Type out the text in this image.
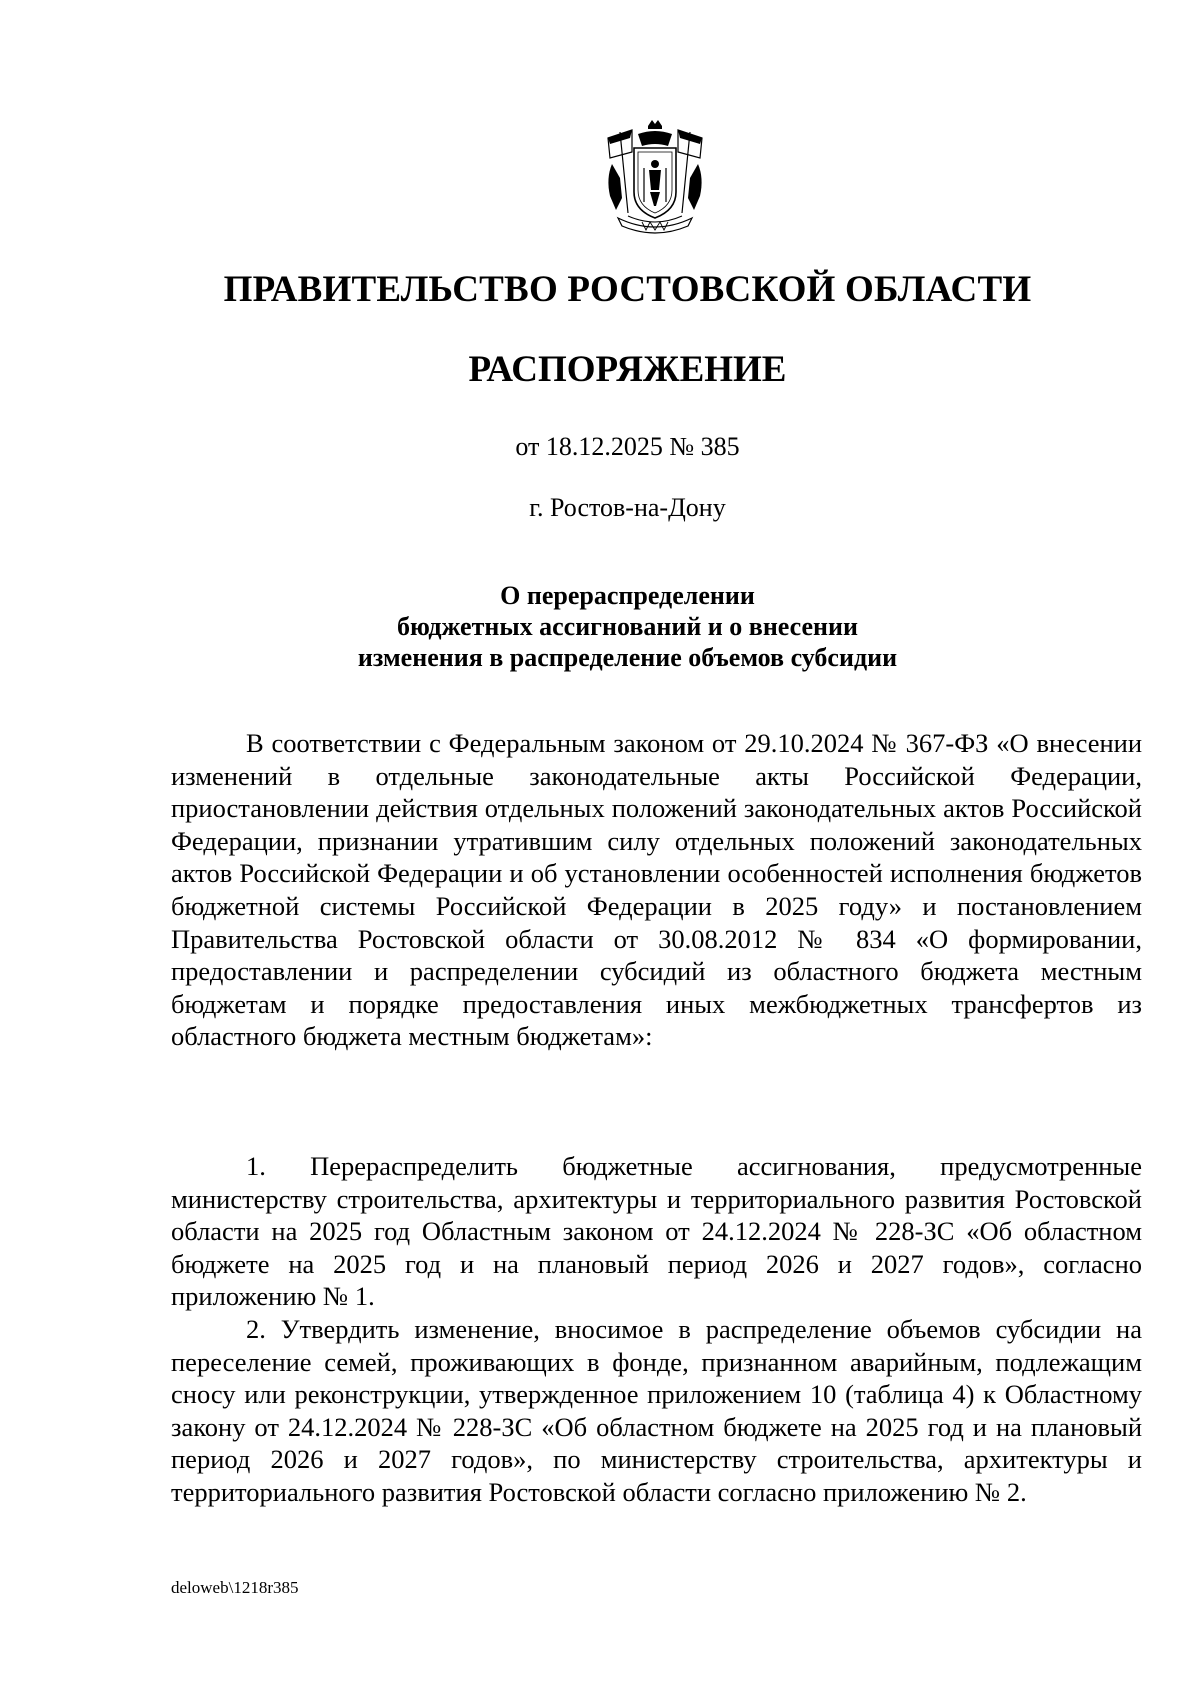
ПРАВИТЕЛЬСТВО РОСТОВСКОЙ ОБЛАСТИ
РАСПОРЯЖЕНИЕ
от 18.12.2025 № 385
г. Ростов-на-Дону
О перераспределении
бюджетных ассигнований и о внесении
изменения в распределение объемов субсидии

В соответствии с Федеральным законом от 29.10.2024 № 367-ФЗ «О внесении изменений в отдельные законодательные акты Российской Федерации, приостановлении действия отдельных положений законодательных актов Российской Федерации, признании утратившим силу отдельных положений законодательных актов Российской Федерации и об установлении особенностей исполнения бюджетов бюджетной системы Российской Федерации в 2025 году» и постановлением Правительства Ростовской области от 30.08.2012 № 834 «О формировании, предоставлении и распределении субсидий из областного бюджета местным бюджетам и порядке предоставления иных межбюджетных трансфертов из областного бюджета местным бюджетам»:

1. Перераспределить бюджетные ассигнования, предусмотренные министерству строительства, архитектуры и территориального развития Ростовской области на 2025 год Областным законом от 24.12.2024 № 228-ЗС «Об областном бюджете на 2025 год и на плановый период 2026 и 2027 годов», согласно приложению № 1.

2. Утвердить изменение, вносимое в распределение объемов субсидии на переселение семей, проживающих в фонде, признанном аварийным, подлежащим сносу или реконструкции, утвержденное приложением 10 (таблица 4) к Областному закону от 24.12.2024 № 228-ЗС «Об областном бюджете на 2025 год и на плановый период 2026 и 2027 годов», по министерству строительства, архитектуры и территориального развития Ростовской области согласно приложению № 2.

deloweb\1218r385
